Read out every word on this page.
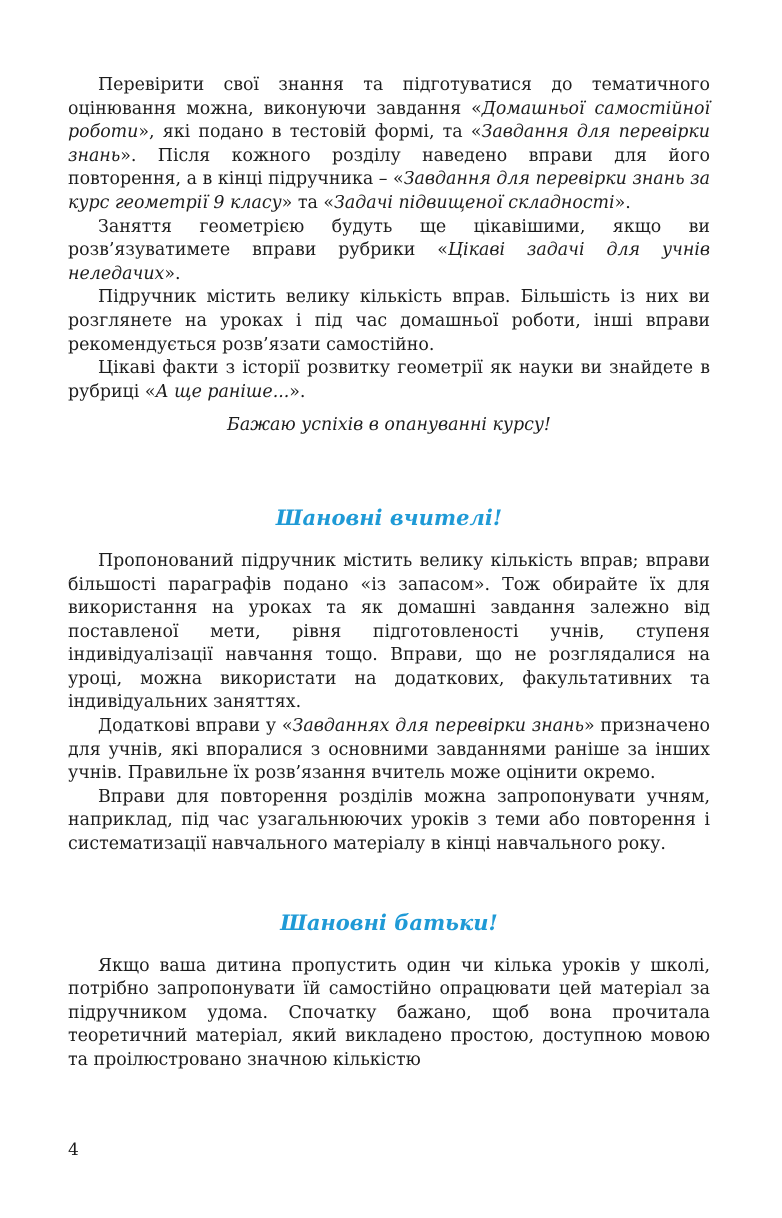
Перевірити свої знання та підготуватися до тематичного оцінювання можна, виконуючи завдання «Домашньої самостійної роботи», які подано в тестовій формі, та «Завдання для перевірки знань». Після кожного розділу наведено вправи для його повторення, а в кінці підручника – «Завдання для перевірки знань за курс геометрії 9 класу» та «Задачі підвищеної складності».

Заняття геометрією будуть ще цікавішими, якщо ви розв’язуватимете вправи рубрики «Цікаві задачі для учнів неледачих».

Підручник містить велику кількість вправ. Більшість із них ви розглянете на уроках і під час домашньої роботи, інші вправи рекомендується розв’язати самостійно.

Цікаві факти з історії розвитку геометрії як науки ви знайдете в рубриці «А ще раніше...».

Бажаю успіхів в опануванні курсу!

Шановні вчителі!

Пропонований підручник містить велику кількість вправ; вправи більшості параграфів подано «із запасом». Тож обирайте їх для використання на уроках та як домашні завдання залежно від поставленої мети, рівня підготовленості учнів, ступеня індивідуалізації навчання тощо. Вправи, що не розглядалися на уроці, можна використати на додаткових, факультативних та індивідуальних заняттях.

Додаткові вправи у «Завданнях для перевірки знань» призначено для учнів, які впоралися з основними завданнями раніше за інших учнів. Правильне їх розв’язання вчитель може оцінити окремо.

Вправи для повторення розділів можна запропонувати учням, наприклад, під час узагальнюючих уроків з теми або повторення і систематизації навчального матеріалу в кінці навчального року.

Шановні батьки!

Якщо ваша дитина пропустить один чи кілька уроків у школі, потрібно запропонувати їй самостійно опрацювати цей матеріал за підручником удома. Спочатку бажано, щоб вона прочитала теоретичний матеріал, який викладено простою, доступною мовою та проілюстровано значною кількістю

4
